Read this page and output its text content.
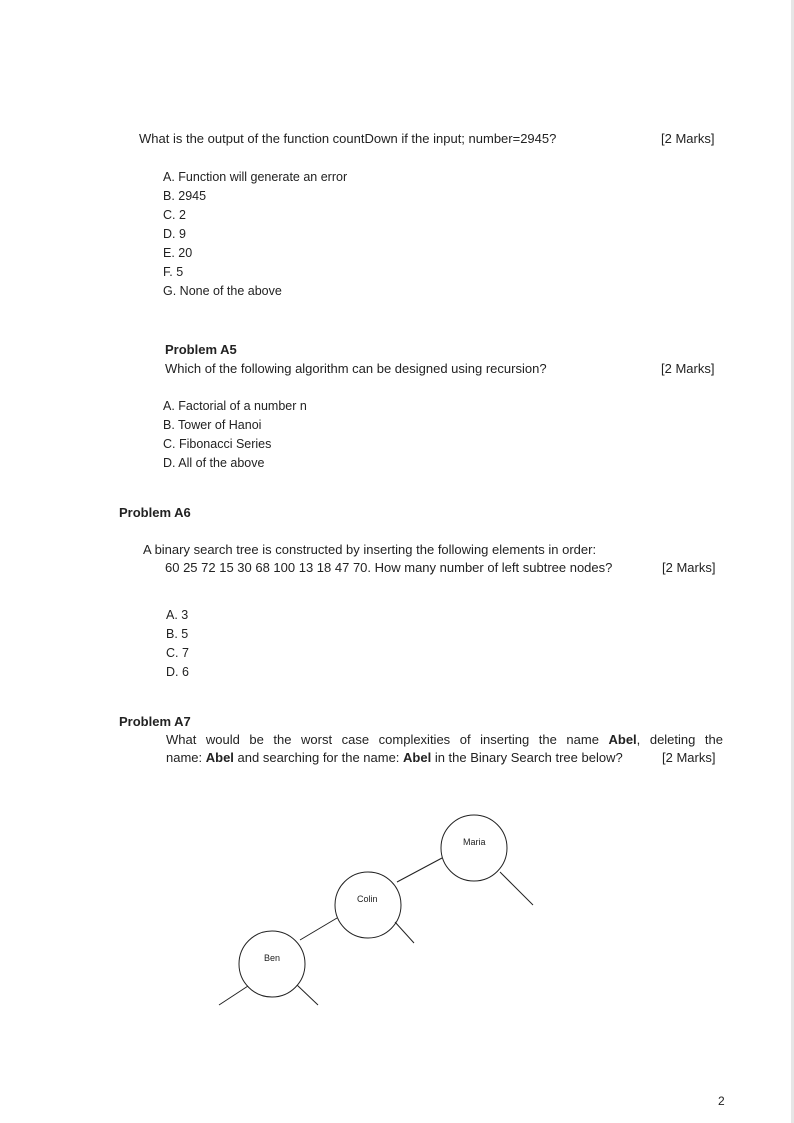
What is the output of the function countDown if the input; number=2945?	[2 Marks]
A. Function will generate an error
B. 2945
C. 2
D. 9
E. 20
F. 5
G. None of the above
Problem A5
Which of the following algorithm can be designed using recursion?	[2 Marks]
A. Factorial of a number n
B. Tower of Hanoi
C. Fibonacci Series
D. All of the above
Problem A6
A binary search tree is constructed by inserting the following elements in order:
60 25 72 15 30 68 100 13 18 47 70. How many number of left subtree nodes?	[2 Marks]
A. 3
B. 5
C. 7
D. 6
Problem A7
What would be the worst case complexities of inserting the name Abel, deleting the
name: Abel and searching for the name: Abel in the Binary Search tree below?	[2 Marks]
Maria
Colin
Ben
2
